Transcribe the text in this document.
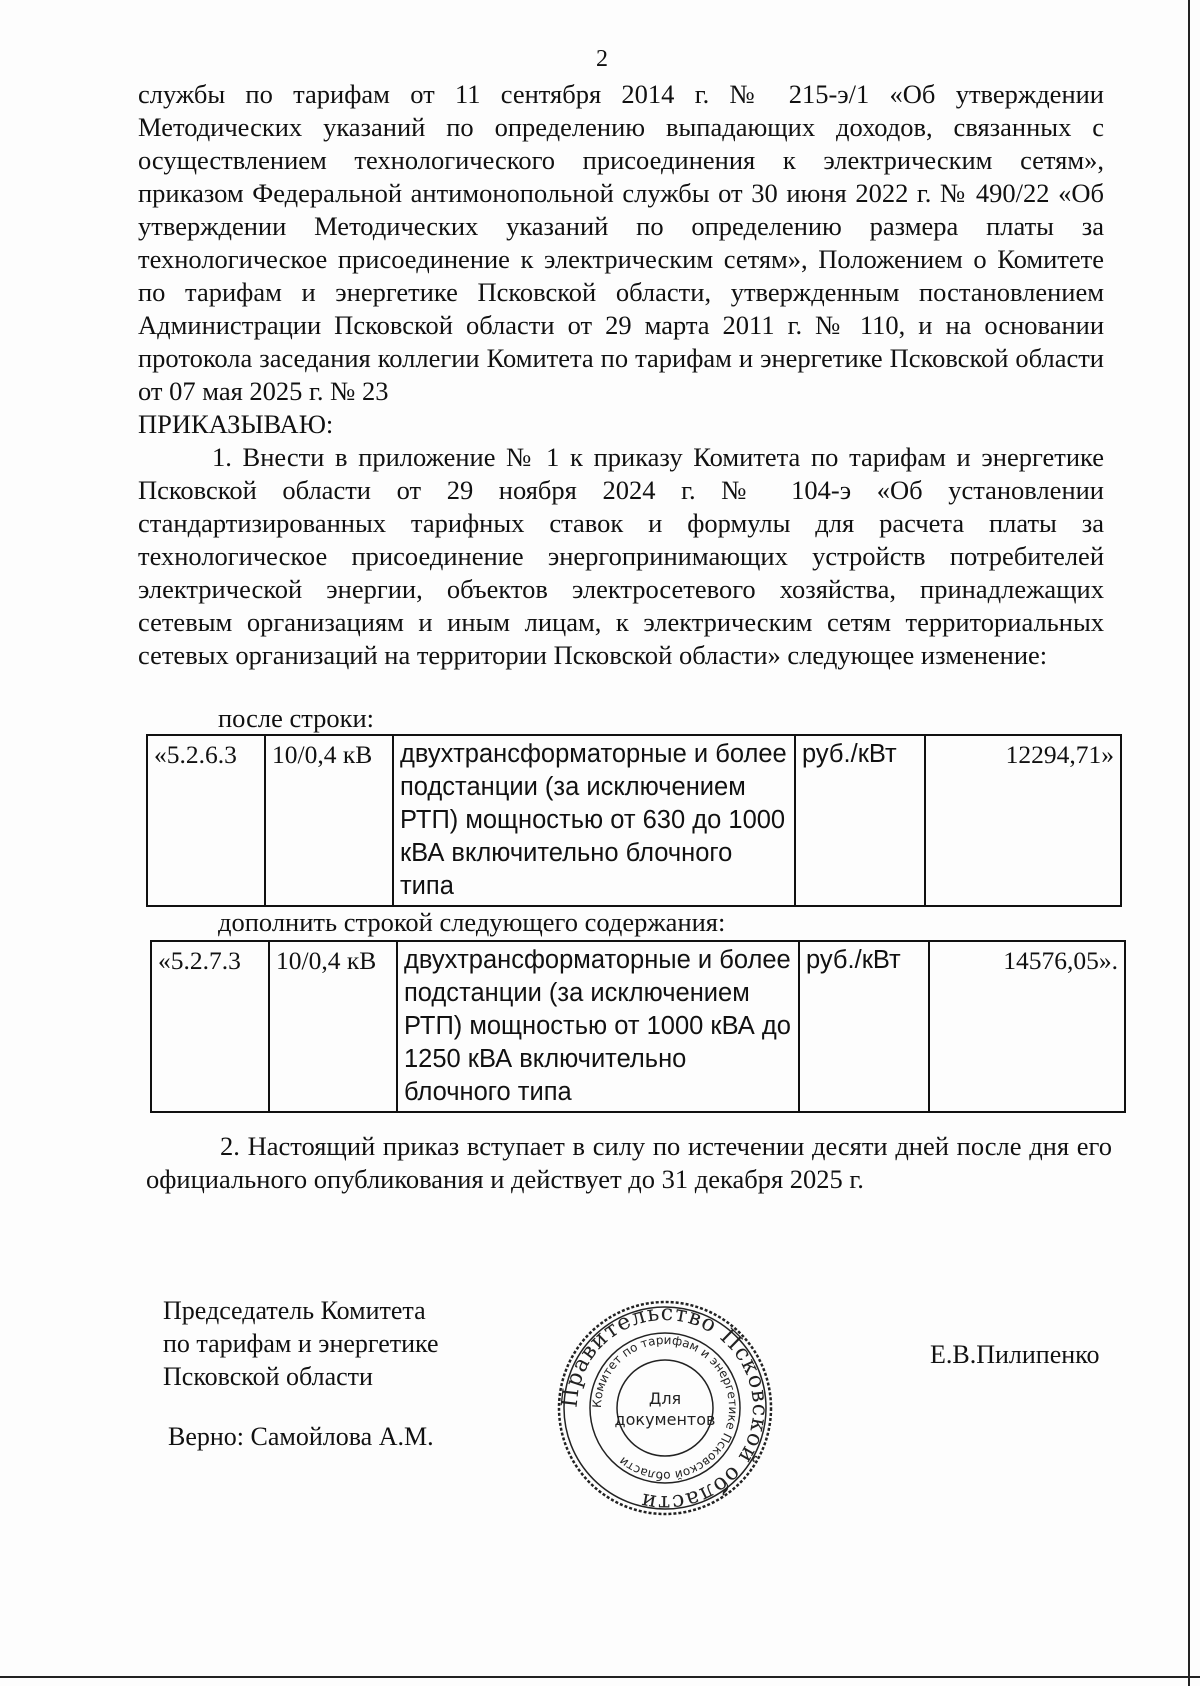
2

службы по тарифам от 11 сентября 2014 г. № 215-э/1 «Об утверждении Методических указаний по определению выпадающих доходов, связанных с осуществлением технологического присоединения к электрическим сетям», приказом Федеральной антимонопольной службы от 30 июня 2022 г. № 490/22 «Об утверждении Методических указаний по определению размера платы за технологическое присоединение к электрическим сетям», Положением о Комитете по тарифам и энергетике Псковской области, утвержденным постановлением Администрации Псковской области от 29 марта 2011 г. № 110, и на основании протокола заседания коллегии Комитета по тарифам и энергетике Псковской области от 07 мая 2025 г. № 23

ПРИКАЗЫВАЮ:

1. Внести в приложение № 1 к приказу Комитета по тарифам и энергетике Псковской области от 29 ноября 2024 г. № 104-э «Об установлении стандартизированных тарифных ставок и формулы для расчета платы за технологическое присоединение энергопринимающих устройств потребителей электрической энергии, объектов электросетевого хозяйства, принадлежащих сетевым организациям и иным лицам, к электрическим сетям территориальных сетевых организаций на территории Псковской области» следующее изменение:

после строки:
«5.2.6.3	10/0,4 кВ	двухтрансформаторные и более подстанции (за исключением РТП) мощностью от 630 до 1000 кВА включительно блочного типа	руб./кВт	12294,71»
дополнить строкой следующего содержания:
«5.2.7.3	10/0,4 кВ	двухтрансформаторные и более подстанции (за исключением РТП) мощностью от 1000 кВА до 1250 кВА включительно блочного типа	руб./кВт	14576,05».

2. Настоящий приказ вступает в силу по истечении десяти дней после дня его официального опубликования и действует до 31 декабря 2025 г.

Председатель Комитета
по тарифам и энергетике
Псковской области
Верно: Самойлова А.М.
Е.В.Пилипенко
Правительство Псковской области
Комитет по тарифам и энергетике Псковской области
Для
документов
